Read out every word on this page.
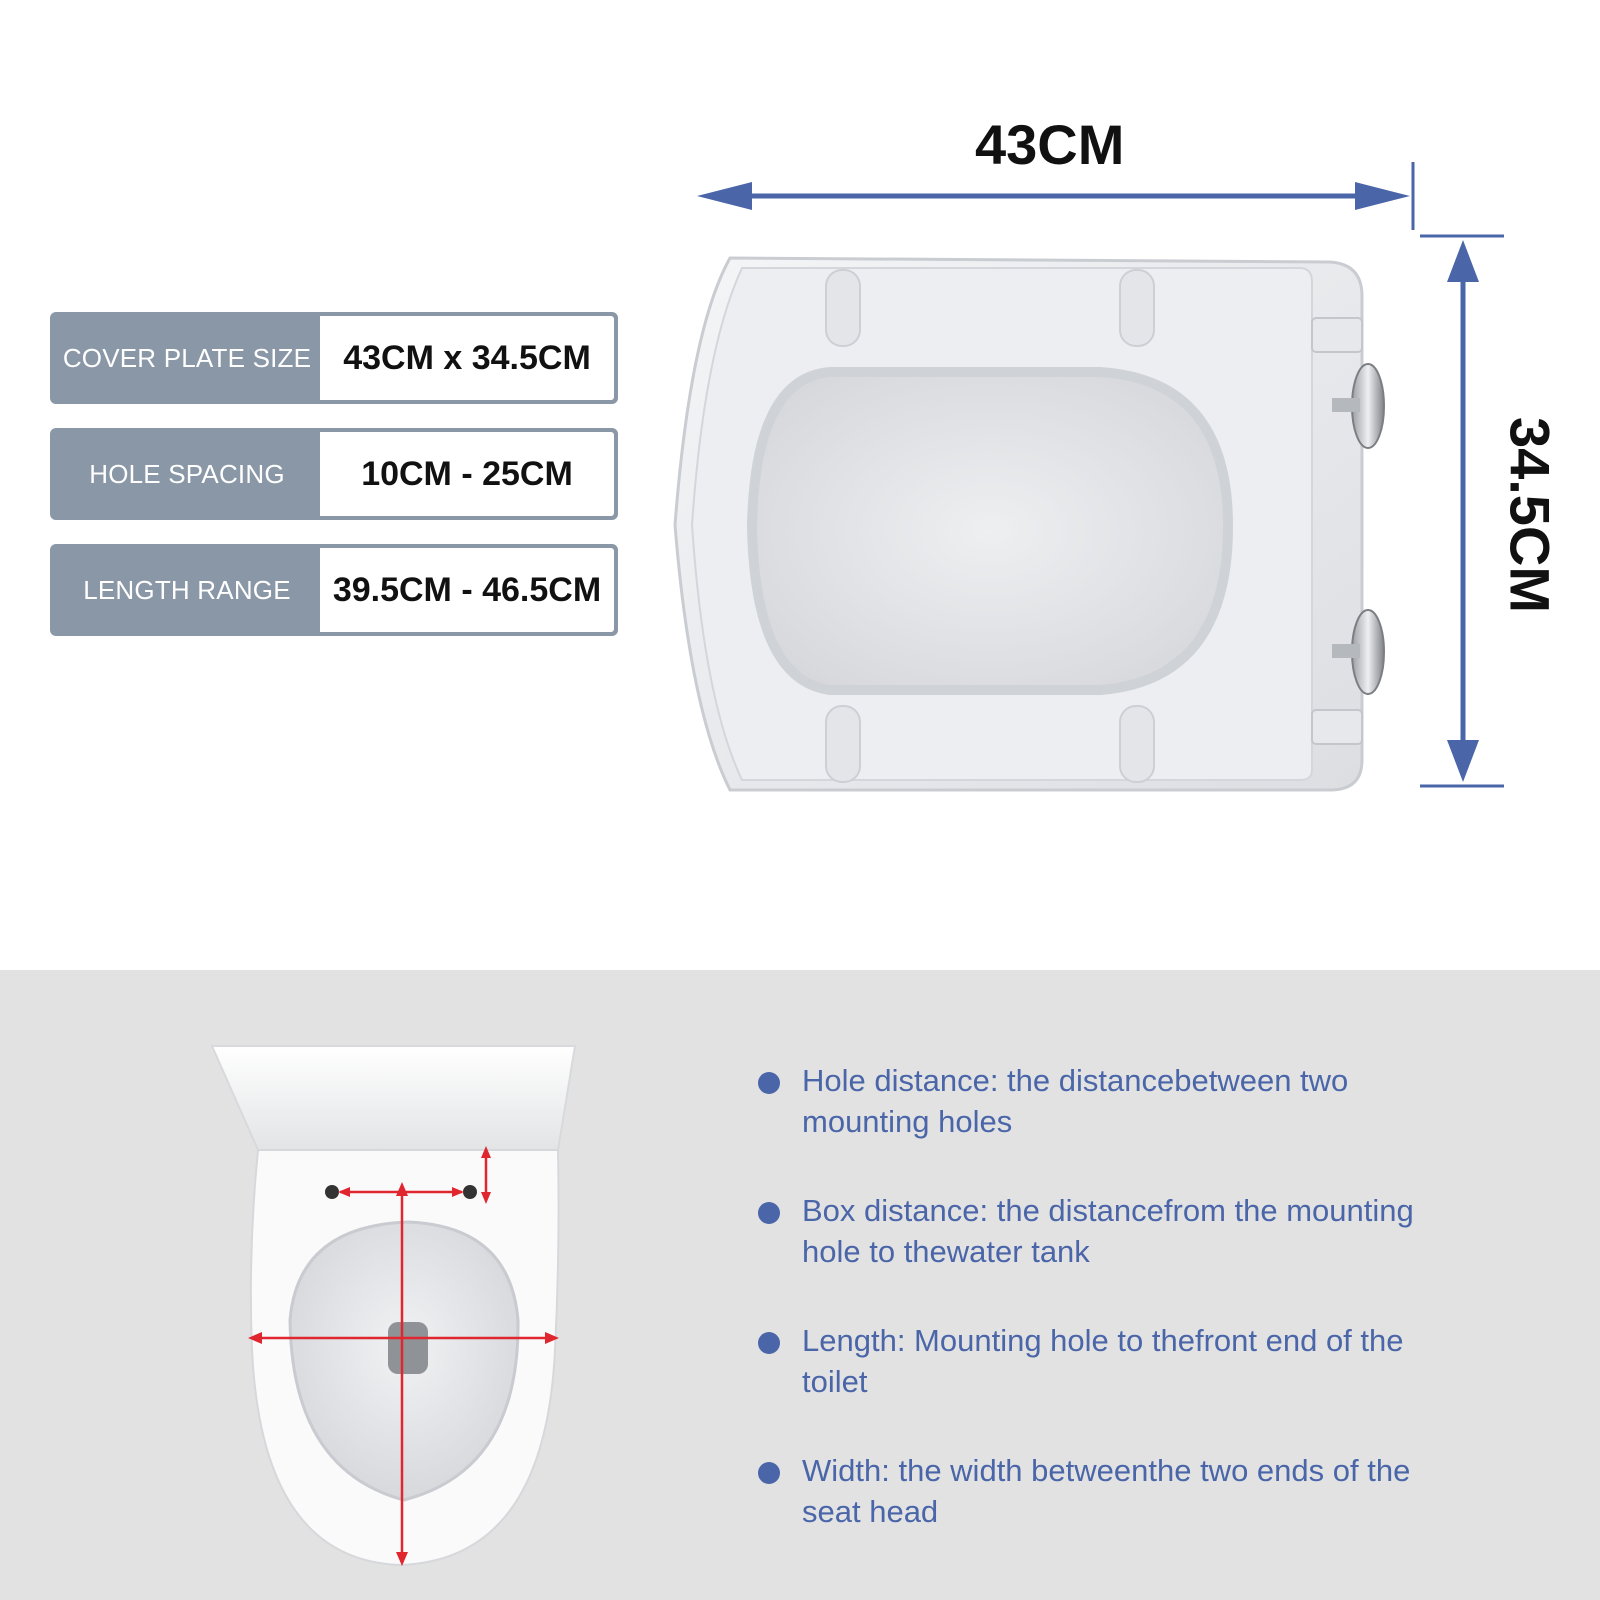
COVER PLATE SIZE 43CM x 34.5CM
HOLE SPACING	10CM - 25CM
LENGTH RANGE	39.5CM - 46.5CM
43CM
34.5CM
Hole distance: the distancebetween two mounting holes
Box distance: the distancefrom the mounting hole to thewater tank
Length: Mounting hole to thefront end of the toilet
Width: the width betweenthe two ends of the seat head
